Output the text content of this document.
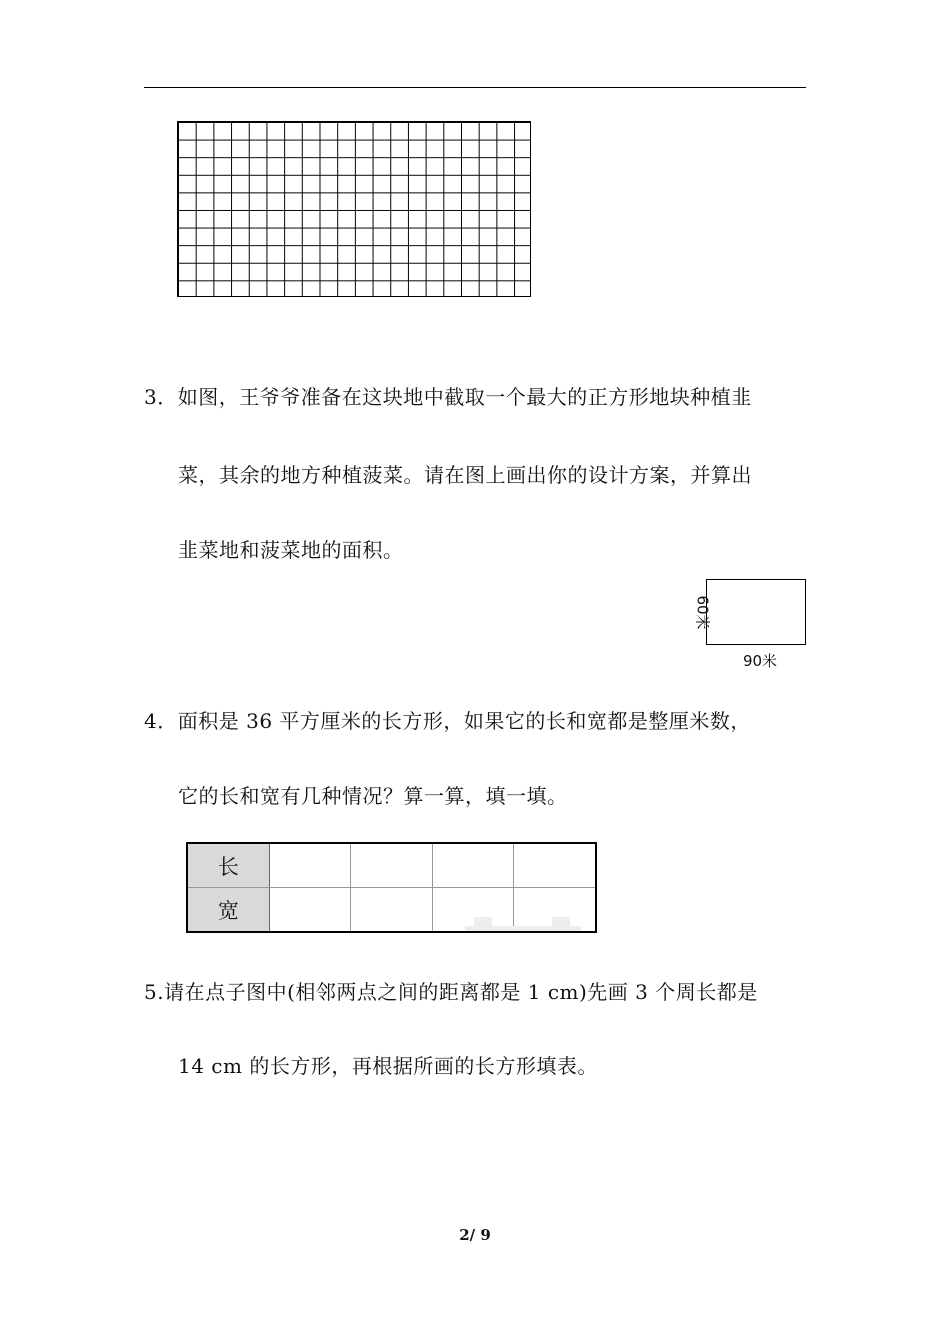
3．如图，王爷爷准备在这块地中截取一个最大的正方形地块种植韭
菜，其余的地方种植菠菜。请在图上画出你的设计方案，并算出
韭菜地和菠菜地的面积。
60米
90米
4．面积是 36 平方厘米的长方形，如果它的长和宽都是整厘米数，
它的长和宽有几种情况？算一算，填一填。
长				
宽				
5.请在点子图中(相邻两点之间的距离都是 1 cm)先画 3 个周长都是
14 cm 的长方形，再根据所画的长方形填表。
2/ 9
